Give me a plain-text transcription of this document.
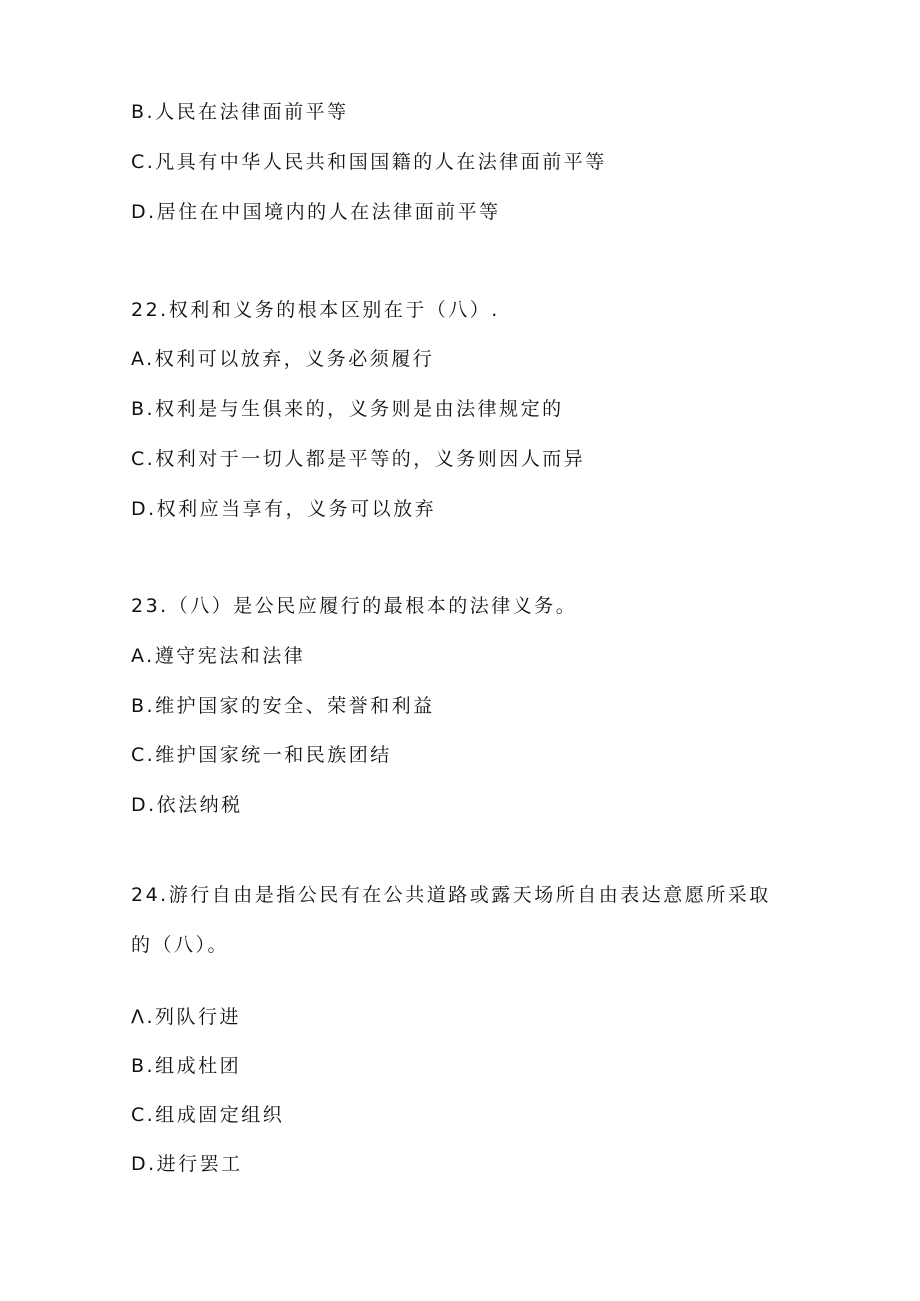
B.人民在法律面前平等
C.凡具有中华人民共和国国籍的人在法律面前平等
D.居住在中国境内的人在法律面前平等
22.权利和义务的根本区别在于（八）.
A.权利可以放弃，义务必须履行
B.权利是与生俱来的，义务则是由法律规定的
C.权利对于一切人都是平等的，义务则因人而异
D.权利应当享有，义务可以放弃
23.（八）是公民应履行的最根本的法律义务。
A.遵守宪法和法律
B.维护国家的安全、荣誉和利益
C.维护国家统一和民族团结
D.依法纳税
24.游行自由是指公民有在公共道路或露天场所自由表达意愿所采取
的（八）。
Λ.列队行进
B.组成杜团
C.组成固定组织
D.进行罢工
